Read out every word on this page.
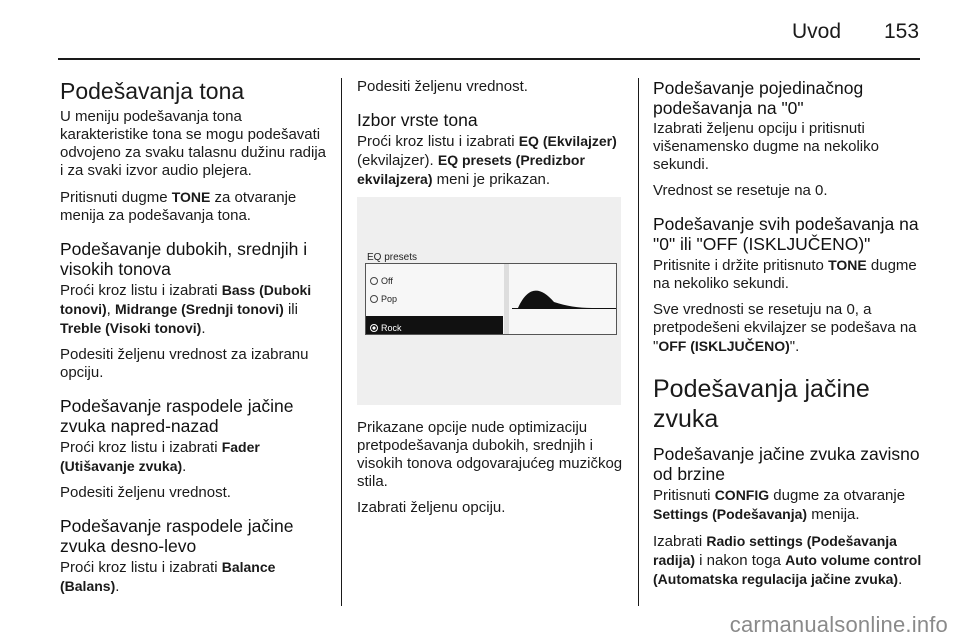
Uvod 153
Podešavanja tona

U meniju podešavanja tona karakteristike tona se mogu podešavati odvojeno za svaku talasnu dužinu radija i za svaki izvor audio plejera.

Pritisnuti dugme TONE za otvaranje menija za podešavanja tona.

Podešavanje dubokih, srednjih i visokih tonova

Proći kroz listu i izabrati Bass (Duboki tonovi), Midrange (Srednji tonovi) ili Treble (Visoki tonovi).

Podesiti željenu vrednost za izabranu opciju.

Podešavanje raspodele jačine zvuka napred-nazad

Proći kroz listu i izabrati Fader (Utišavanje zvuka).

Podesiti željenu vrednost.

Podešavanje raspodele jačine zvuka desno-levo

Proći kroz listu i izabrati Balance (Balans).

Podesiti željenu vrednost.

Izbor vrste tona

Proći kroz listu i izabrati EQ (Ekvilajzer) (ekvilajzer). EQ presets (Predizbor ekvilajzera) meni je prikazan.

EQ presets
Off
Pop
Rock

Prikazane opcije nude optimizaciju pretpodešavanja dubokih, srednjih i visokih tonova odgovarajućeg muzičkog stila.

Izabrati željenu opciju.

Podešavanje pojedinačnog podešavanja na "0"

Izabrati željenu opciju i pritisnuti višenamensko dugme na nekoliko sekundi.

Vrednost se resetuje na 0.

Podešavanje svih podešavanja na "0" ili "OFF (ISKLJUČENO)"

Pritisnite i držite pritisnuto TONE dugme na nekoliko sekundi.

Sve vrednosti se resetuju na 0, a pretpodešeni ekvilajzer se podešava na "OFF (ISKLJUČENO)".

Podešavanja jačine zvuka
Podešavanje jačine zvuka zavisno od brzine

Pritisnuti CONFIG dugme za otvaranje Settings (Podešavanja) menija.

Izabrati Radio settings (Podešavanja radija) i nakon toga Auto volume control (Automatska regulacija jačine zvuka).

carmanualsonline.info
